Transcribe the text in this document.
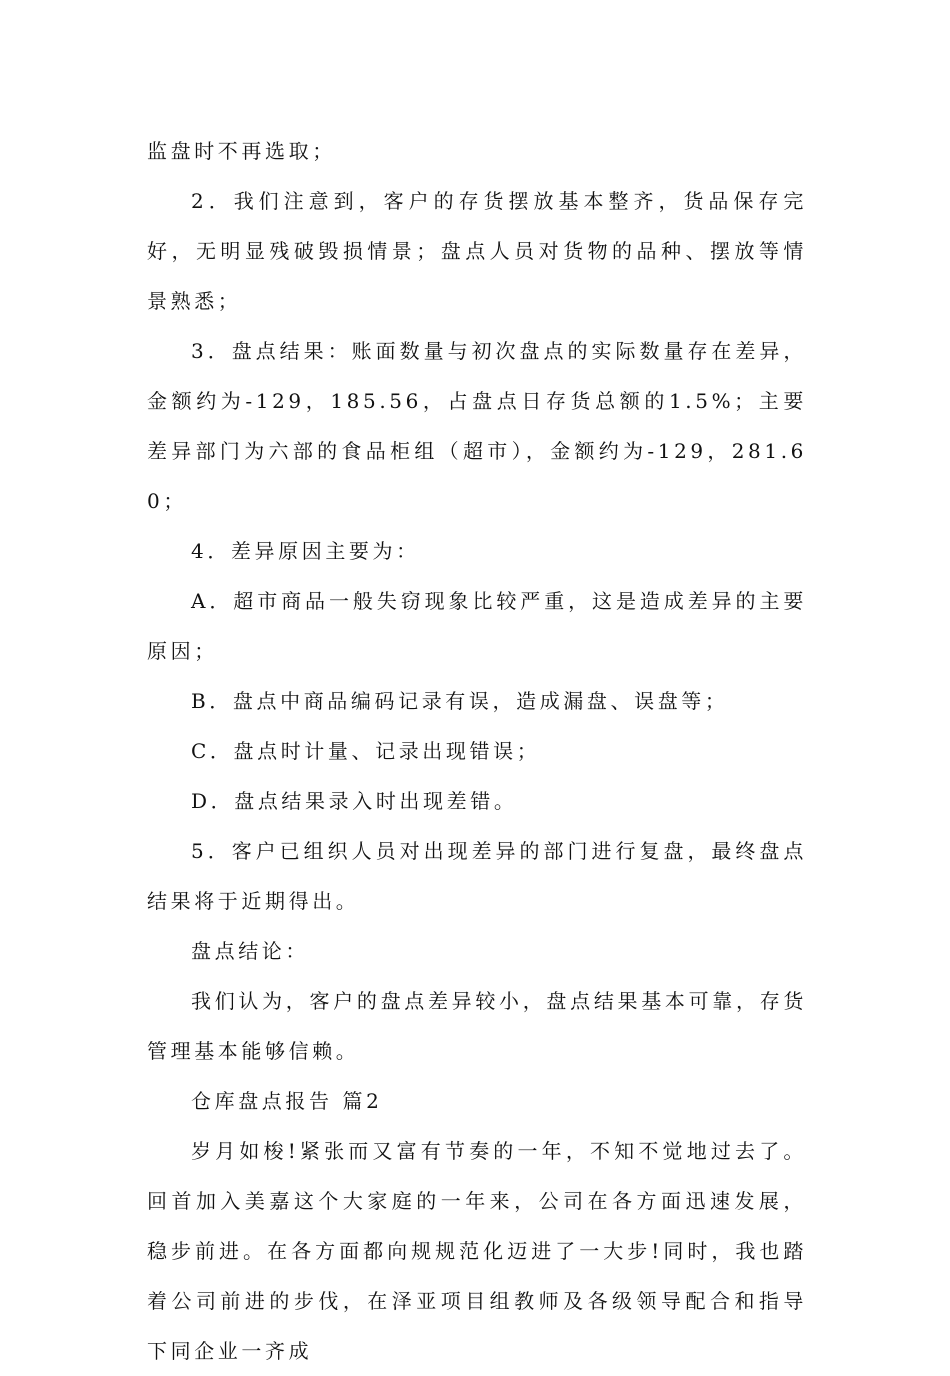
监盘时不再选取；

2．我们注意到，客户的存货摆放基本整齐，货品保存完好，无明显残破毁损情景；盘点人员对货物的品种、摆放等情景熟悉；

3．盘点结果：账面数量与初次盘点的实际数量存在差异，金额约为-129，185.56，占盘点日存货总额的1.5%；主要差异部门为六部的食品柜组（超市），金额约为-129，281.60；

4．差异原因主要为：

A．超市商品一般失窃现象比较严重，这是造成差异的主要原因；

B．盘点中商品编码记录有误，造成漏盘、误盘等；

C．盘点时计量、记录出现错误；

D．盘点结果录入时出现差错。

5．客户已组织人员对出现差异的部门进行复盘，最终盘点结果将于近期得出。

盘点结论：

我们认为，客户的盘点差异较小，盘点结果基本可靠，存货管理基本能够信赖。

仓库盘点报告 篇2

岁月如梭!紧张而又富有节奏的一年，不知不觉地过去了。回首加入美嘉这个大家庭的一年来，公司在各方面迅速发展，稳步前进。在各方面都向规规范化迈进了一大步!同时，我也踏着公司前进的步伐，在泽亚项目组教师及各级领导配合和指导下同企业一齐成
